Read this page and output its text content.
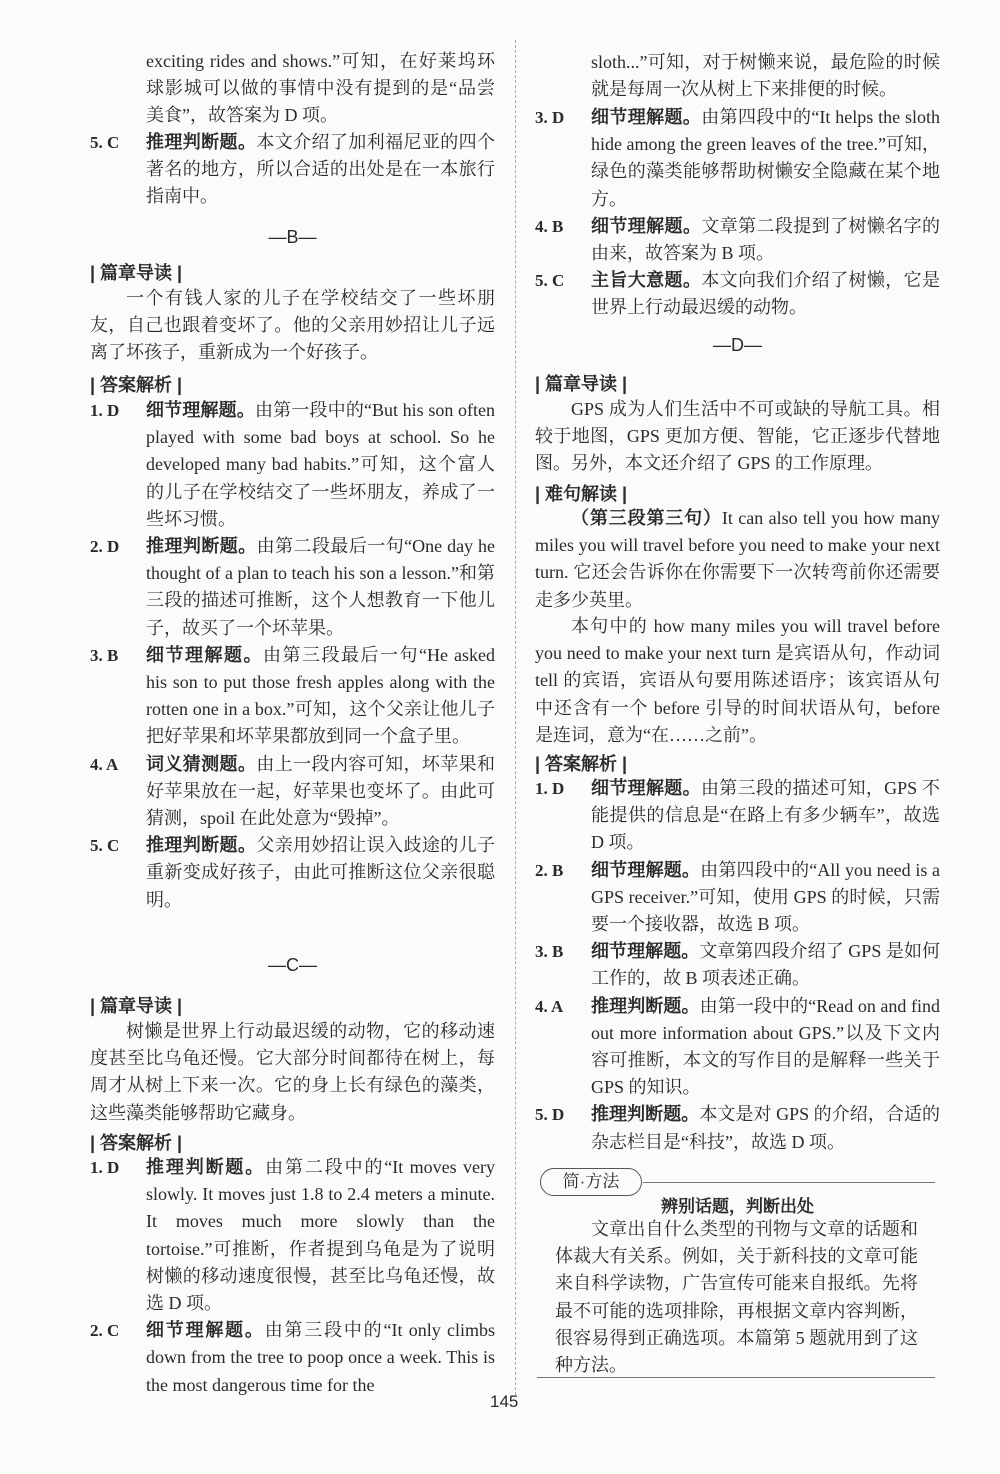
exciting rides and shows.”可知，在好莱坞环球影城可以做的事情中没有提到的是“品尝美食”，故答案为 D 项。
5. C	推理判断题。本文介绍了加利福尼亚的四个著名的地方，所以合适的出处是在一本旅行指南中。
—B—
| 篇章导读 |
一个有钱人家的儿子在学校结交了一些坏朋友，自己也跟着变坏了。他的父亲用妙招让儿子远离了坏孩子，重新成为一个好孩子。
| 答案解析 |
1. D	细节理解题。由第一段中的“But his son often played with some bad boys at school. So he developed many bad habits.”可知，这个富人的儿子在学校结交了一些坏朋友，养成了一些坏习惯。
2. D	推理判断题。由第二段最后一句“One day he thought of a plan to teach his son a lesson.”和第三段的描述可推断，这个人想教育一下他儿子，故买了一个坏苹果。
3. B	细节理解题。由第三段最后一句“He asked his son to put those fresh apples along with the rotten one in a box.”可知，这个父亲让他儿子把好苹果和坏苹果都放到同一个盒子里。
4. A	词义猜测题。由上一段内容可知，坏苹果和好苹果放在一起，好苹果也变坏了。由此可猜测，spoil 在此处意为“毁掉”。
5. C	推理判断题。父亲用妙招让误入歧途的儿子重新变成好孩子，由此可推断这位父亲很聪明。
—C—
| 篇章导读 |
树懒是世界上行动最迟缓的动物，它的移动速度甚至比乌龟还慢。它大部分时间都待在树上，每周才从树上下来一次。它的身上长有绿色的藻类，这些藻类能够帮助它藏身。
| 答案解析 |
1. D	推理判断题。由第二段中的“It moves very slowly. It moves just 1.8 to 2.4 meters a minute. It moves much more slowly than the tortoise.”可推断，作者提到乌龟是为了说明树懒的移动速度很慢，甚至比乌龟还慢，故选 D 项。
2. C	细节理解题。由第三段中的“It only climbs down from the tree to poop once a week. This is the most dangerous time for the
sloth...”可知，对于树懒来说，最危险的时候就是每周一次从树上下来排便的时候。
3. D	细节理解题。由第四段中的“It helps the sloth hide among the green leaves of the tree.”可知，绿色的藻类能够帮助树懒安全隐藏在某个地方。
4. B	细节理解题。文章第二段提到了树懒名字的由来，故答案为 B 项。
5. C	主旨大意题。本文向我们介绍了树懒，它是世界上行动最迟缓的动物。
—D—
| 篇章导读 |
GPS 成为人们生活中不可或缺的导航工具。相较于地图，GPS 更加方便、智能，它正逐步代替地图。另外，本文还介绍了 GPS 的工作原理。
| 难句解读 |
（第三段第三句）It can also tell you how many miles you will travel before you need to make your next turn. 它还会告诉你在你需要下一次转弯前你还需要走多少英里。
本句中的 how many miles you will travel before you need to make your next turn 是宾语从句，作动词 tell 的宾语，宾语从句要用陈述语序；该宾语从句中还含有一个 before 引导的时间状语从句，before 是连词，意为“在……之前”。
| 答案解析 |
1. D	细节理解题。由第三段的描述可知，GPS 不能提供的信息是“在路上有多少辆车”，故选 D 项。
2. B	细节理解题。由第四段中的“All you need is a GPS receiver.”可知，使用 GPS 的时候，只需要一个接收器，故选 B 项。
3. B	细节理解题。文章第四段介绍了 GPS 是如何工作的，故 B 项表述正确。
4. A	推理判断题。由第一段中的“Read on and find out more information about GPS.”以及下文内容可推断，本文的写作目的是解释一些关于 GPS 的知识。
5. D	推理判断题。本文是对 GPS 的介绍，合适的杂志栏目是“科技”，故选 D 项。
简·方法
辨别话题，判断出处
文章出自什么类型的刊物与文章的话题和体裁大有关系。例如，关于新科技的文章可能来自科学读物，广告宣传可能来自报纸。先将最不可能的选项排除，再根据文章内容判断，很容易得到正确选项。本篇第 5 题就用到了这种方法。
145
